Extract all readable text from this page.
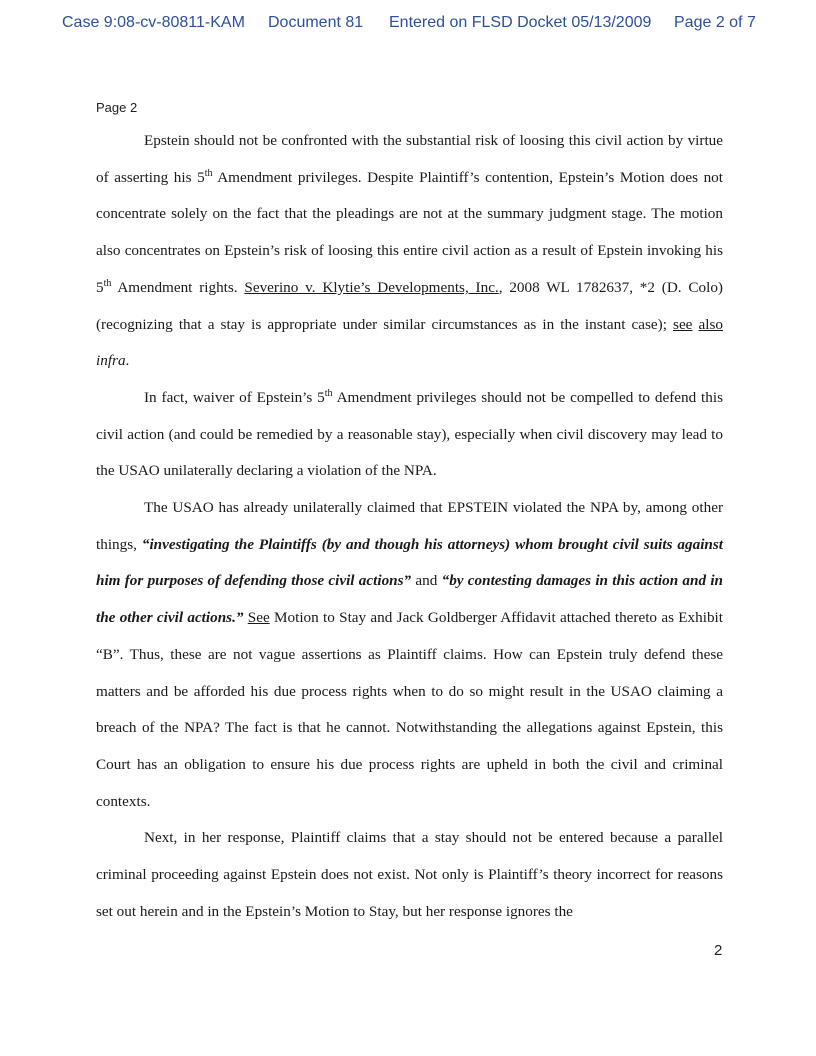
Case 9:08-cv-80811-KAM Document 81 Entered on FLSD Docket 05/13/2009 Page 2 of 7
Page 2

Epstein should not be confronted with the substantial risk of loosing this civil action by virtue of asserting his 5th Amendment privileges. Despite Plaintiff’s contention, Epstein’s Motion does not concentrate solely on the fact that the pleadings are not at the summary judgment stage. The motion also concentrates on Epstein’s risk of loosing this entire civil action as a result of Epstein invoking his 5th Amendment rights. Severino v. Klytie’s Developments, Inc., 2008 WL 1782637, *2 (D. Colo)(recognizing that a stay is appropriate under similar circumstances as in the instant case); see also infra.

In fact, waiver of Epstein’s 5th Amendment privileges should not be compelled to defend this civil action (and could be remedied by a reasonable stay), especially when civil discovery may lead to the USAO unilaterally declaring a violation of the NPA.

The USAO has already unilaterally claimed that EPSTEIN violated the NPA by, among other things, “investigating the Plaintiffs (by and though his attorneys) whom brought civil suits against him for purposes of defending those civil actions” and “by contesting damages in this action and in the other civil actions.” See Motion to Stay and Jack Goldberger Affidavit attached thereto as Exhibit “B”. Thus, these are not vague assertions as Plaintiff claims. How can Epstein truly defend these matters and be afforded his due process rights when to do so might result in the USAO claiming a breach of the NPA? The fact is that he cannot. Notwithstanding the allegations against Epstein, this Court has an obligation to ensure his due process rights are upheld in both the civil and criminal contexts.

Next, in her response, Plaintiff claims that a stay should not be entered because a parallel criminal proceeding against Epstein does not exist. Not only is Plaintiff’s theory incorrect for reasons set out herein and in the Epstein’s Motion to Stay, but her response ignores the

2
